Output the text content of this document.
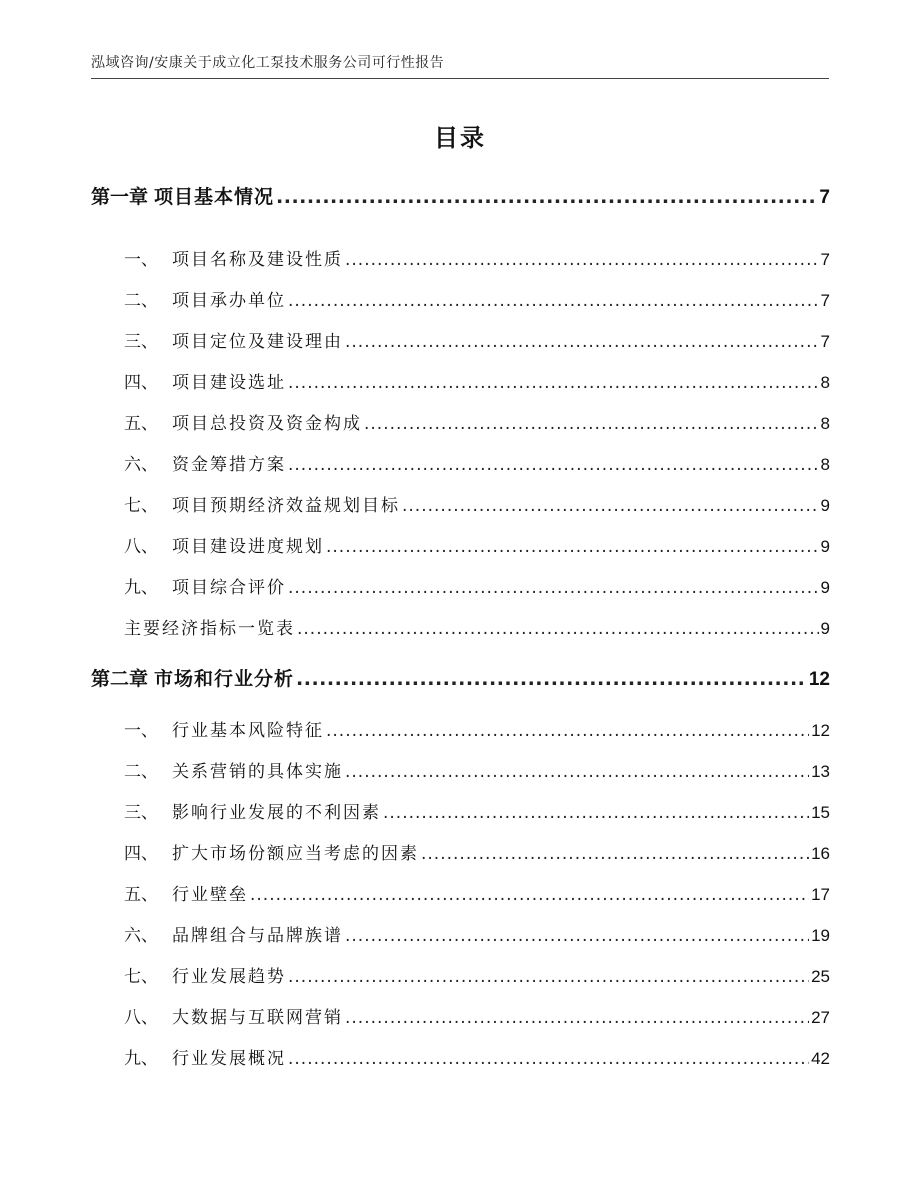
泓域咨询/安康关于成立化工泵技术服务公司可行性报告
目录
第一章 项目基本情况 .....	7
一、 项目名称及建设性质 .....	7
二、 项目承办单位 .....	7
三、 项目定位及建设理由 .....	7
四、 项目建设选址 .....	8
五、 项目总投资及资金构成 .....	8
六、 资金筹措方案 .....	8
七、 项目预期经济效益规划目标 .....	9
八、 项目建设进度规划 .....	9
九、 项目综合评价 .....	9
主要经济指标一览表 .....	9
第二章 市场和行业分析 .....	12
一、 行业基本风险特征 .....	12
二、 关系营销的具体实施 .....	13
三、 影响行业发展的不利因素 .....	15
四、 扩大市场份额应当考虑的因素 .....	16
五、 行业壁垒 .....	17
六、 品牌组合与品牌族谱 .....	19
七、 行业发展趋势 .....	25
八、 大数据与互联网营销 .....	27
九、 行业发展概况 .....	42
